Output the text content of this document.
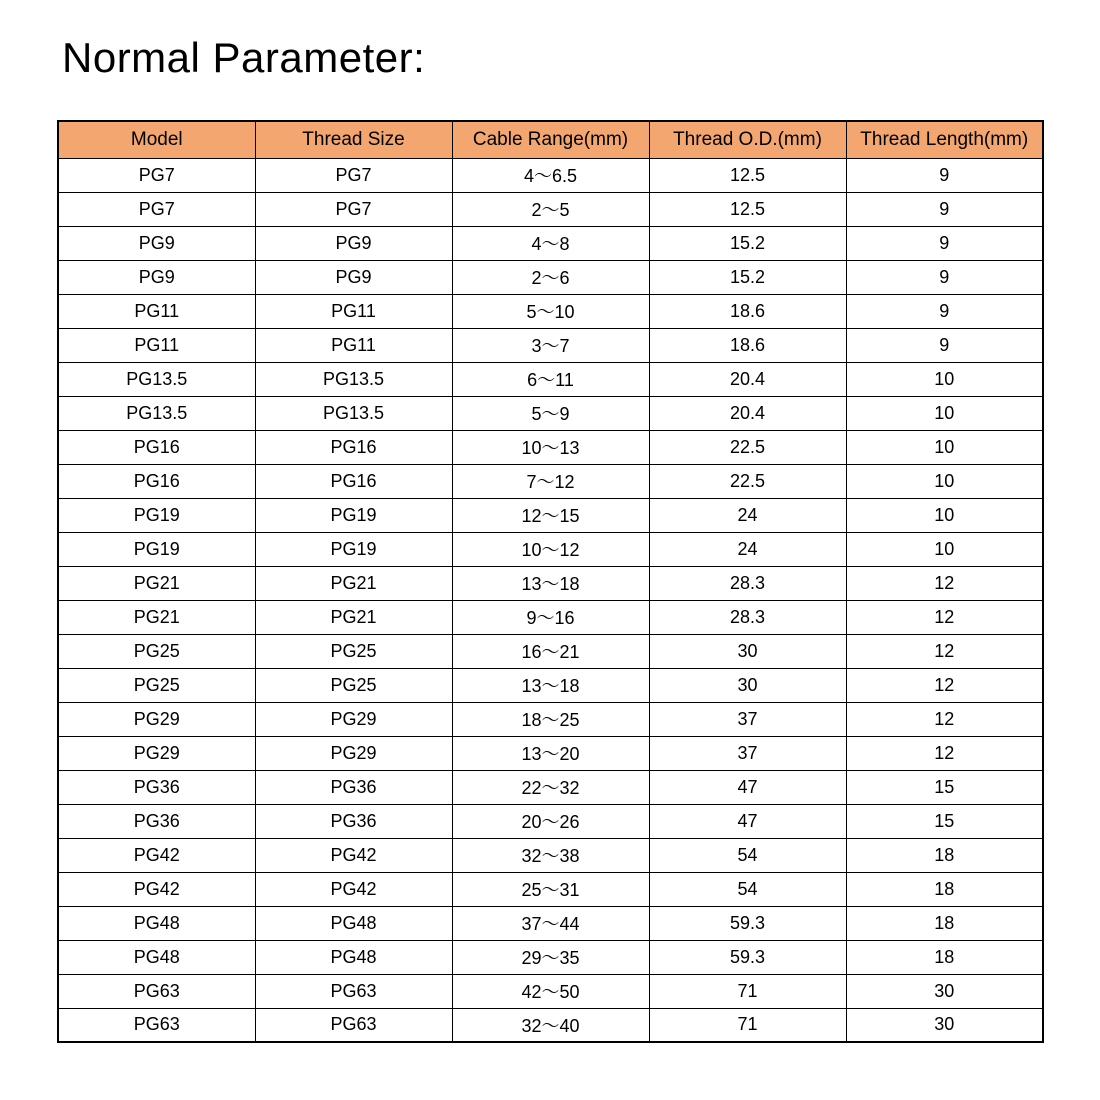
Normal Parameter:
Model	Thread Size	Cable Range(mm)	Thread O.D.(mm)	Thread Length(mm)
PG7	PG7	4～6.5	12.5	9
PG7	PG7	2～5	12.5	9
PG9	PG9	4～8	15.2	9
PG9	PG9	2～6	15.2	9
PG11	PG11	5～10	18.6	9
PG11	PG11	3～7	18.6	9
PG13.5	PG13.5	6～11	20.4	10
PG13.5	PG13.5	5～9	20.4	10
PG16	PG16	10～13	22.5	10
PG16	PG16	7～12	22.5	10
PG19	PG19	12～15	24	10
PG19	PG19	10～12	24	10
PG21	PG21	13～18	28.3	12
PG21	PG21	9～16	28.3	12
PG25	PG25	16～21	30	12
PG25	PG25	13～18	30	12
PG29	PG29	18～25	37	12
PG29	PG29	13～20	37	12
PG36	PG36	22～32	47	15
PG36	PG36	20～26	47	15
PG42	PG42	32～38	54	18
PG42	PG42	25～31	54	18
PG48	PG48	37～44	59.3	18
PG48	PG48	29～35	59.3	18
PG63	PG63	42～50	71	30
PG63	PG63	32～40	71	30
